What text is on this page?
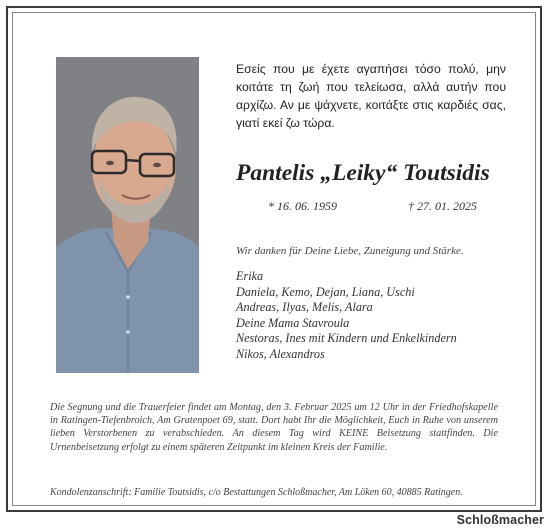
Εσείς που με έχετε αγαπήσει τόσο πολύ, μην κοιτάτε τη ζωή που τελείωσα, αλλά αυτήν που αρχίζω. Αν με ψάχνετε, κοιτάξτε στις καρδιές σας, γιατί εκεί ζω τώρα.
Pantelis „Leiky“ Toutsidis
* 16. 06. 1959	† 27. 01. 2025
Wir danken für Deine Liebe, Zuneigung und Stärke.
Erika
Daniela, Kemo, Dejan, Liana, Uschi
Andreas, Ilyas, Melis, Alara
Deine Mama Stavroula
Nestoras, Ines mit Kindern und Enkelkindern
Nikos, Alexandros
Die Segnung und die Trauerfeier findet am Montag, den 3. Februar 2025 um 12 Uhr in der Friedhofskapelle in Ratingen-Tiefenbroich, Am Gratenpoet 69, statt. Dort habt Ihr die Möglichkeit, Euch in Ruhe von unserem lieben Verstorbenen zu verabschieden. An diesem Tag wird KEINE Beisetzung stattfinden. Die Urnenbeisetzung erfolgt zu einem späteren Zeitpunkt im kleinen Kreis der Familie.
Kondolenzanschrift: Familie Toutsidis, c/o Bestattungen Schloßmacher, Am Löken 60, 40885 Ratingen.
Schloßmacher
